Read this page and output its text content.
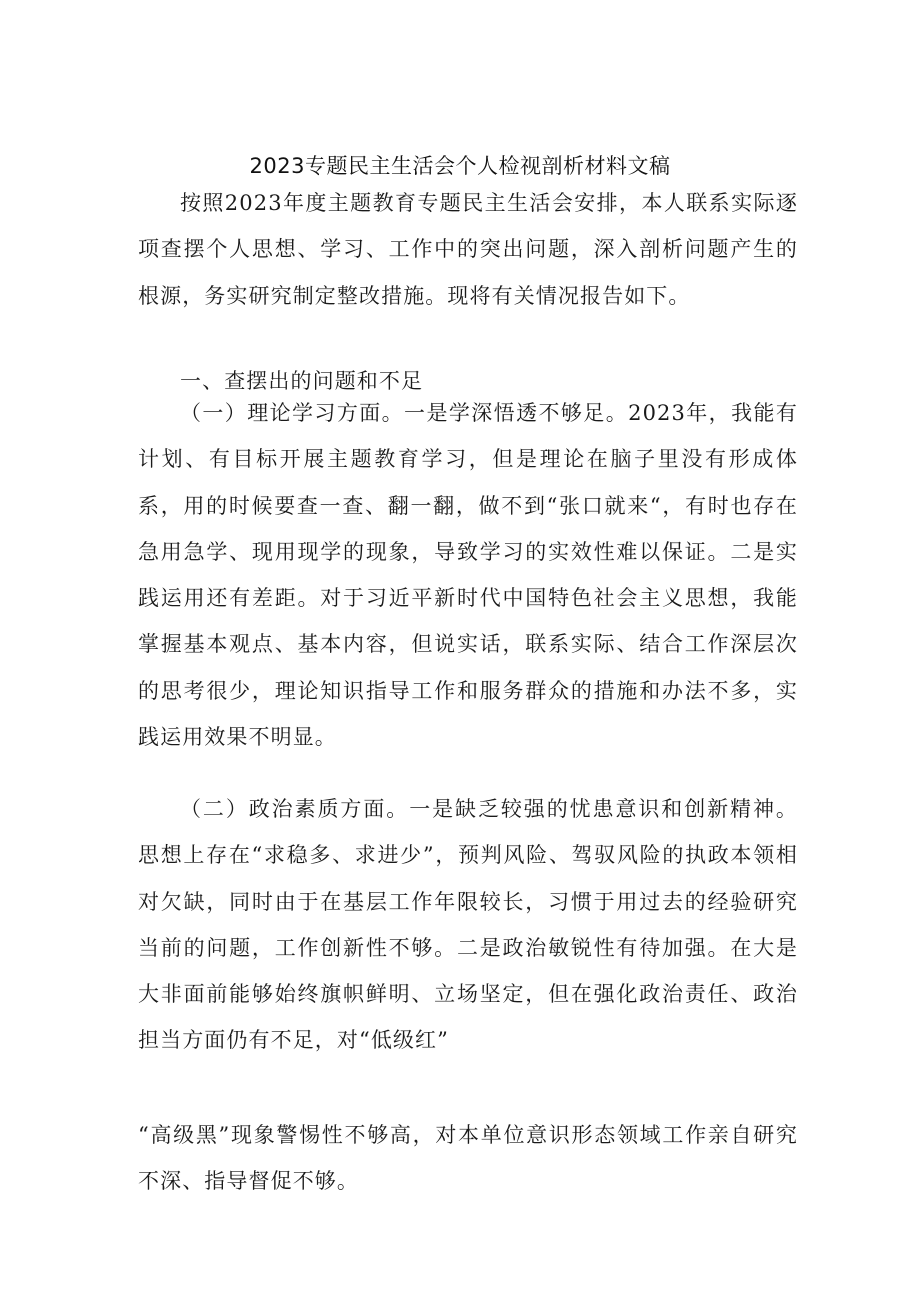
2023专题民主生活会个人检视剖析材料文稿

按照2023年度主题教育专题民主生活会安排，本人联系实际逐项查摆个人思想、学习、工作中的突出问题，深入剖析问题产生的根源，务实研究制定整改措施。现将有关情况报告如下。

一、查摆出的问题和不足

（一）理论学习方面。一是学深悟透不够足。2023年，我能有计划、有目标开展主题教育学习，但是理论在脑子里没有形成体系，用的时候要查一查、翻一翻，做不到“张口就来“，有时也存在急用急学、现用现学的现象，导致学习的实效性难以保证。二是实践运用还有差距。对于习近平新时代中国特色社会主义思想，我能掌握基本观点、基本内容，但说实话，联系实际、结合工作深层次的思考很少，理论知识指导工作和服务群众的措施和办法不多，实践运用效果不明显。

（二）政治素质方面。一是缺乏较强的忧患意识和创新精神。思想上存在“求稳多、求进少”，预判风险、驾驭风险的执政本领相对欠缺，同时由于在基层工作年限较长，习惯于用过去的经验研究当前的问题，工作创新性不够。二是政治敏锐性有待加强。在大是大非面前能够始终旗帜鲜明、立场坚定，但在强化政治责任、政治担当方面仍有不足，对“低级红”

“高级黑”现象警惕性不够高，对本单位意识形态领域工作亲自研究不深、指导督促不够。
